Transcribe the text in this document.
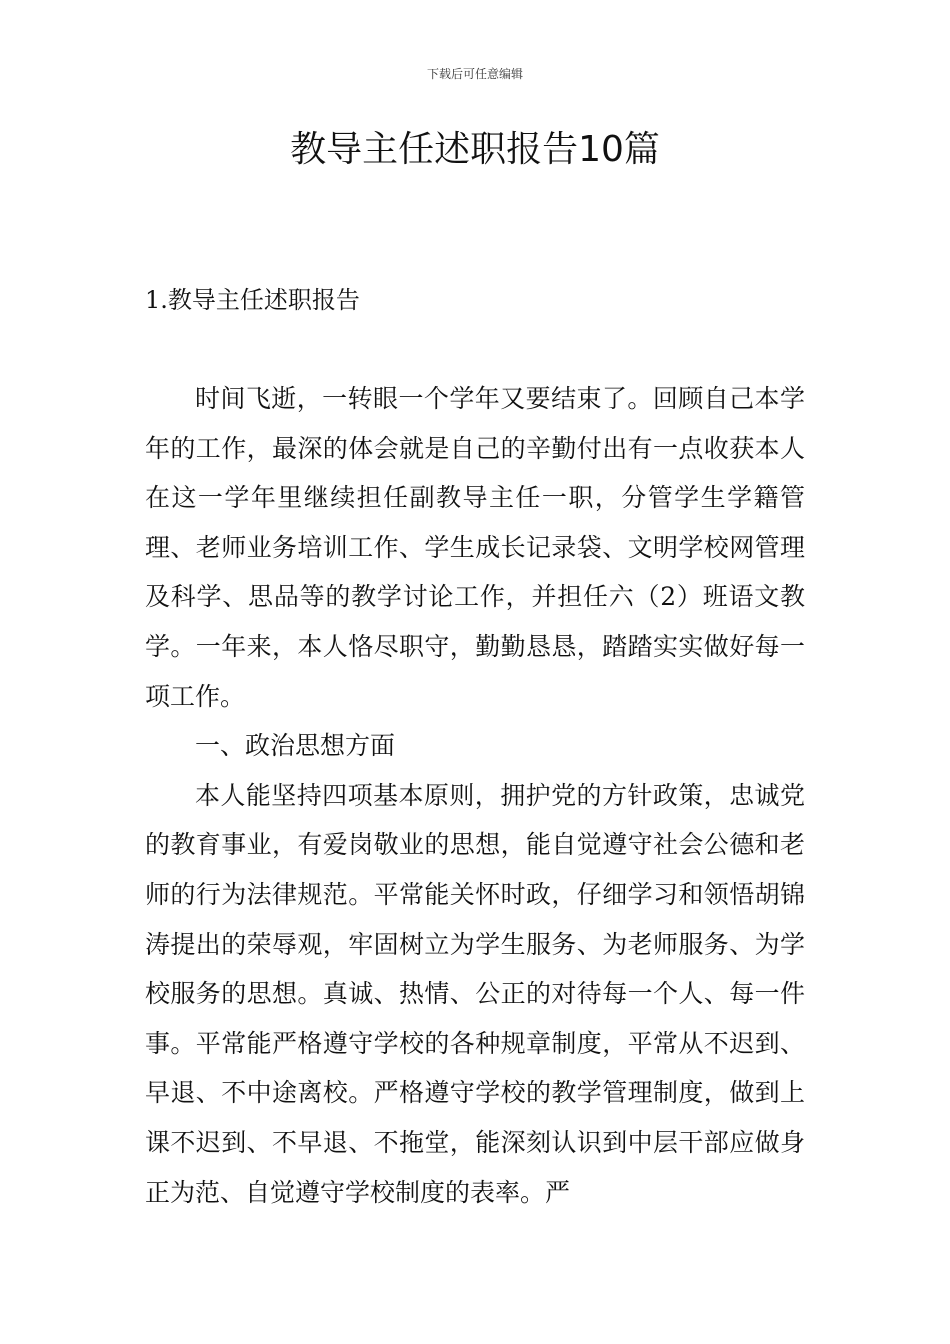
下载后可任意编辑
教导主任述职报告10篇
1.教导主任述职报告

时间飞逝，一转眼一个学年又要结束了。回顾自己本学年的工作，最深的体会就是自己的辛勤付出有一点收获本人在这一学年里继续担任副教导主任一职，分管学生学籍管理、老师业务培训工作、学生成长记录袋、文明学校网管理及科学、思品等的教学讨论工作，并担任六（2）班语文教学。一年来，本人恪尽职守，勤勤恳恳，踏踏实实做好每一项工作。

一、政治思想方面

本人能坚持四项基本原则，拥护党的方针政策，忠诚党的教育事业，有爱岗敬业的思想，能自觉遵守社会公德和老师的行为法律规范。平常能关怀时政，仔细学习和领悟胡锦涛提出的荣辱观，牢固树立为学生服务、为老师服务、为学校服务的思想。真诚、热情、公正的对待每一个人、每一件事。平常能严格遵守学校的各种规章制度，平常从不迟到、早退、不中途离校。严格遵守学校的教学管理制度，做到上课不迟到、不早退、不拖堂，能深刻认识到中层干部应做身正为范、自觉遵守学校制度的表率。严
